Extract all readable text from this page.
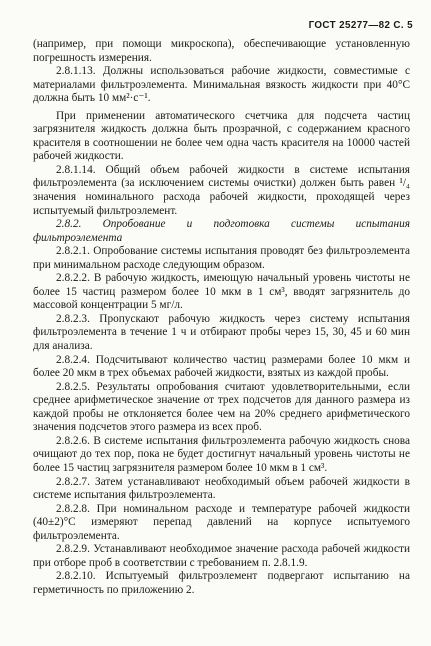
ГОСТ 25277—82 С. 5

(например, при помощи микроскопа), обеспечивающие установленную погрешность измерения.

2.8.1.13. Должны использоваться рабочие жидкости, совместимые с материалами фильтроэлемента. Минимальная вязкость жидкости при 40°С должна быть 10 мм²·с⁻¹.

При применении автоматического счетчика для подсчета частиц загрязнителя жидкость должна быть прозрачной, с содержанием красного красителя в соотношении не более чем одна часть красителя на 10000 частей рабочей жидкости.

2.8.1.14. Общий объем рабочей жидкости в системе испытания фильтроэлемента (за исключением системы очистки) должен быть равен ¹/₄ значения номинального расхода рабочей жидкости, проходящей через испытуемый фильтроэлемент.

2.8.2. Опробование и подготовка системы испытания фильтроэлемента

2.8.2.1. Опробование системы испытания проводят без фильтроэлемента при минимальном расходе следующим образом.

2.8.2.2. В рабочую жидкость, имеющую начальный уровень чистоты не более 15 частиц размером более 10 мкм в 1 см³, вводят загрязнитель до массовой концентрации 5 мг/л.

2.8.2.3. Пропускают рабочую жидкость через систему испытания фильтроэлемента в течение 1 ч и отбирают пробы через 15, 30, 45 и 60 мин для анализа.

2.8.2.4. Подсчитывают количество частиц размерами более 10 мкм и более 20 мкм в трех объемах рабочей жидкости, взятых из каждой пробы.

2.8.2.5. Результаты опробования считают удовлетворительными, если среднее арифметическое значение от трех подсчетов для данного размера из каждой пробы не отклоняется более чем на 20% среднего арифметического значения подсчетов этого размера из всех проб.

2.8.2.6. В системе испытания фильтроэлемента рабочую жидкость снова очищают до тех пор, пока не будет достигнут начальный уровень чистоты не более 15 частиц загрязнителя размером более 10 мкм в 1 см³.

2.8.2.7. Затем устанавливают необходимый объем рабочей жидкости в системе испытания фильтроэлемента.

2.8.2.8. При номинальном расходе и температуре рабочей жидкости (40±2)°С измеряют перепад давлений на корпусе испытуемого фильтроэлемента.

2.8.2.9. Устанавливают необходимое значение расхода рабочей жидкости при отборе проб в соответствии с требованием п. 2.8.1.9.

2.8.2.10. Испытуемый фильтроэлемент подвергают испытанию на герметичность по приложению 2.
